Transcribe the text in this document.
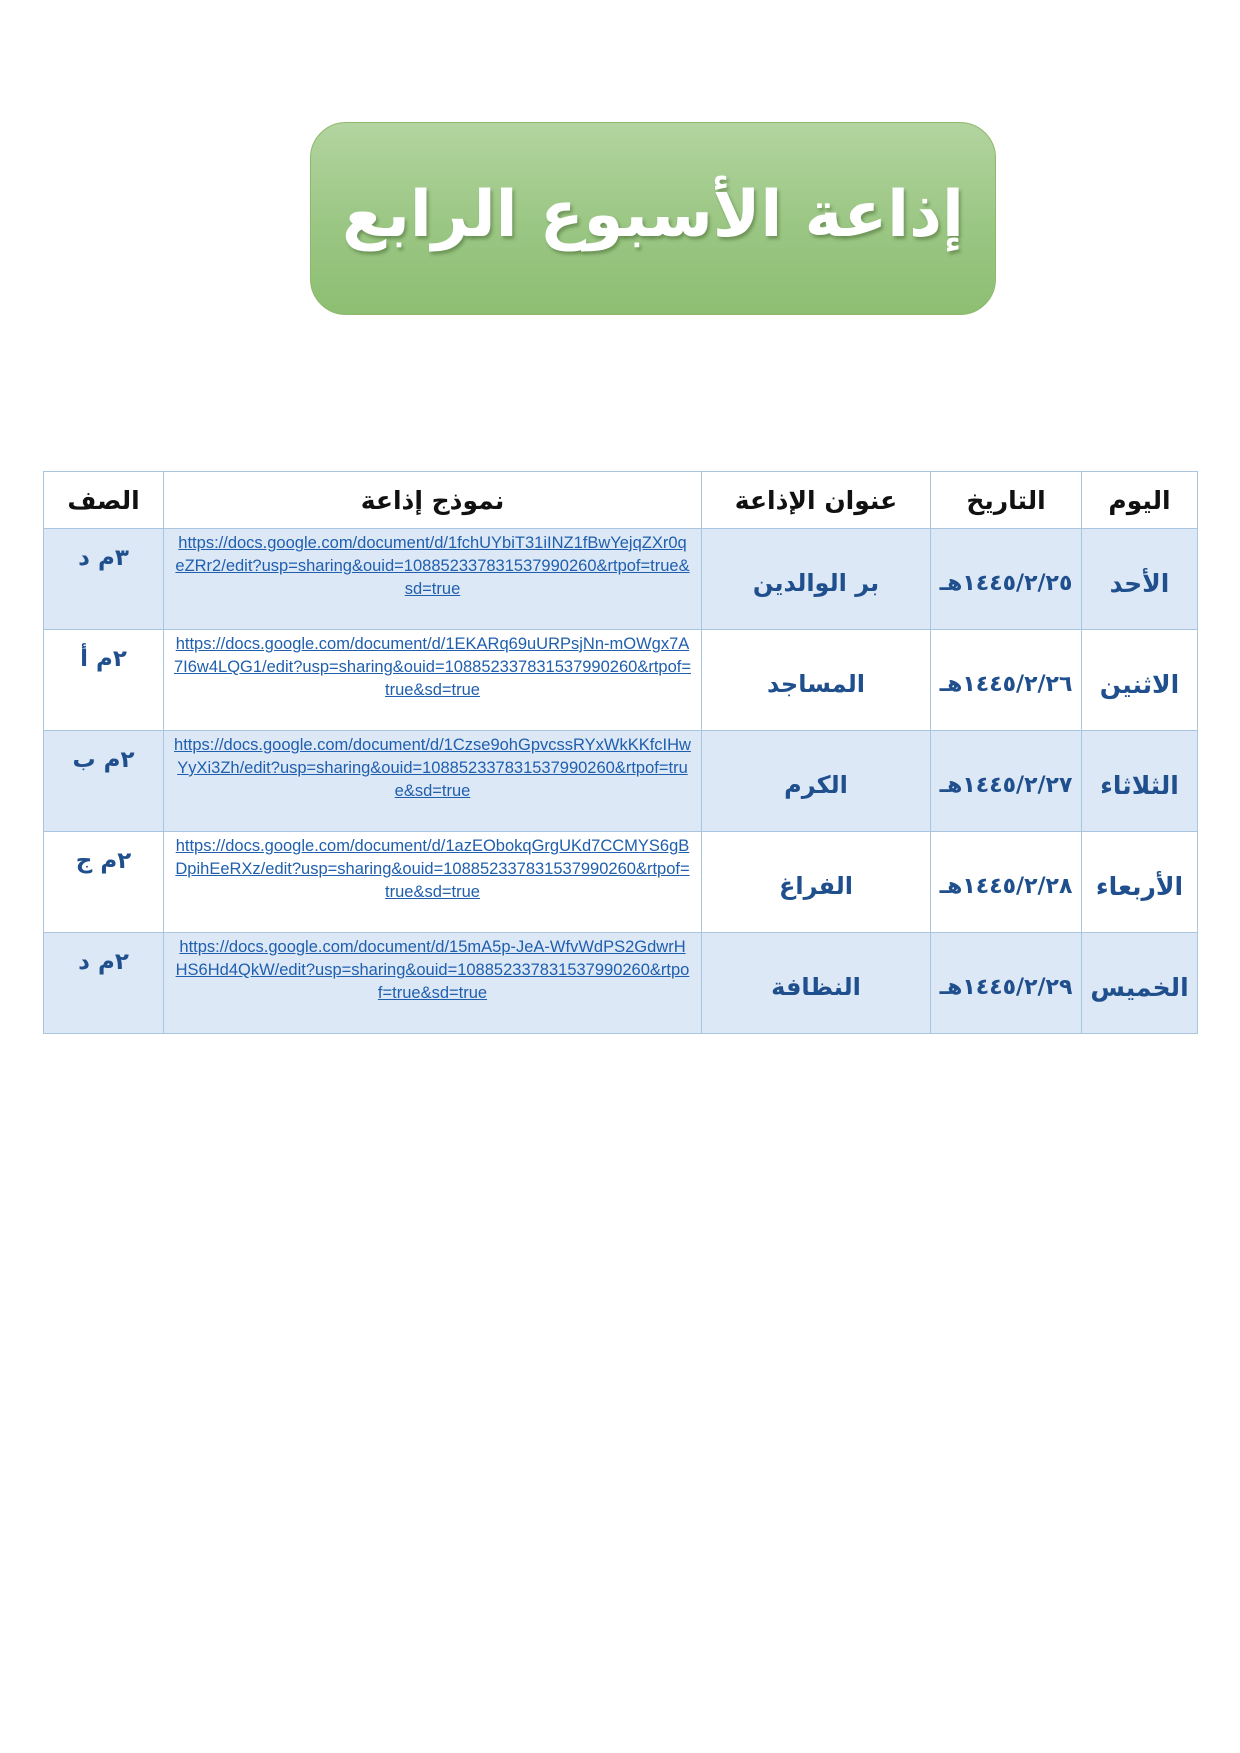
إذاعة الأسبوع الرابع
اليوم	التاريخ	عنوان الإذاعة	نموذج إذاعة	الصف
الأحد	١٤٤٥/٢/٢٥هـ	بر الوالدين	https://docs.google.com/document/d/1fchUYbiT31iINZ1fBwYejqZXr0qeZRr2/edit?usp=sharing&ouid=108852337831537990260&rtpof=true&sd=true	٣م د
الاثنين	١٤٤٥/٢/٢٦هـ	المساجد	https://docs.google.com/document/d/1EKARq69uURPsjNn-mOWgx7A7I6w4LQG1/edit?usp=sharing&ouid=108852337831537990260&rtpof=true&sd=true	٢م أ
الثلاثاء	١٤٤٥/٢/٢٧هـ	الكرم	https://docs.google.com/document/d/1Czse9ohGpvcssRYxWkKKfcIHwYyXi3Zh/edit?usp=sharing&ouid=108852337831537990260&rtpof=true&sd=true	٢م ب
الأربعاء	١٤٤٥/٢/٢٨هـ	الفراغ	https://docs.google.com/document/d/1azEObokqGrgUKd7CCMYS6gBDpihEeRXz/edit?usp=sharing&ouid=108852337831537990260&rtpof=true&sd=true	٢م ج
الخميس	١٤٤٥/٢/٢٩هـ	النظافة	https://docs.google.com/document/d/15mA5p-JeA-WfvWdPS2GdwrHHS6Hd4QkW/edit?usp=sharing&ouid=108852337831537990260&rtpof=true&sd=true	٢م د
